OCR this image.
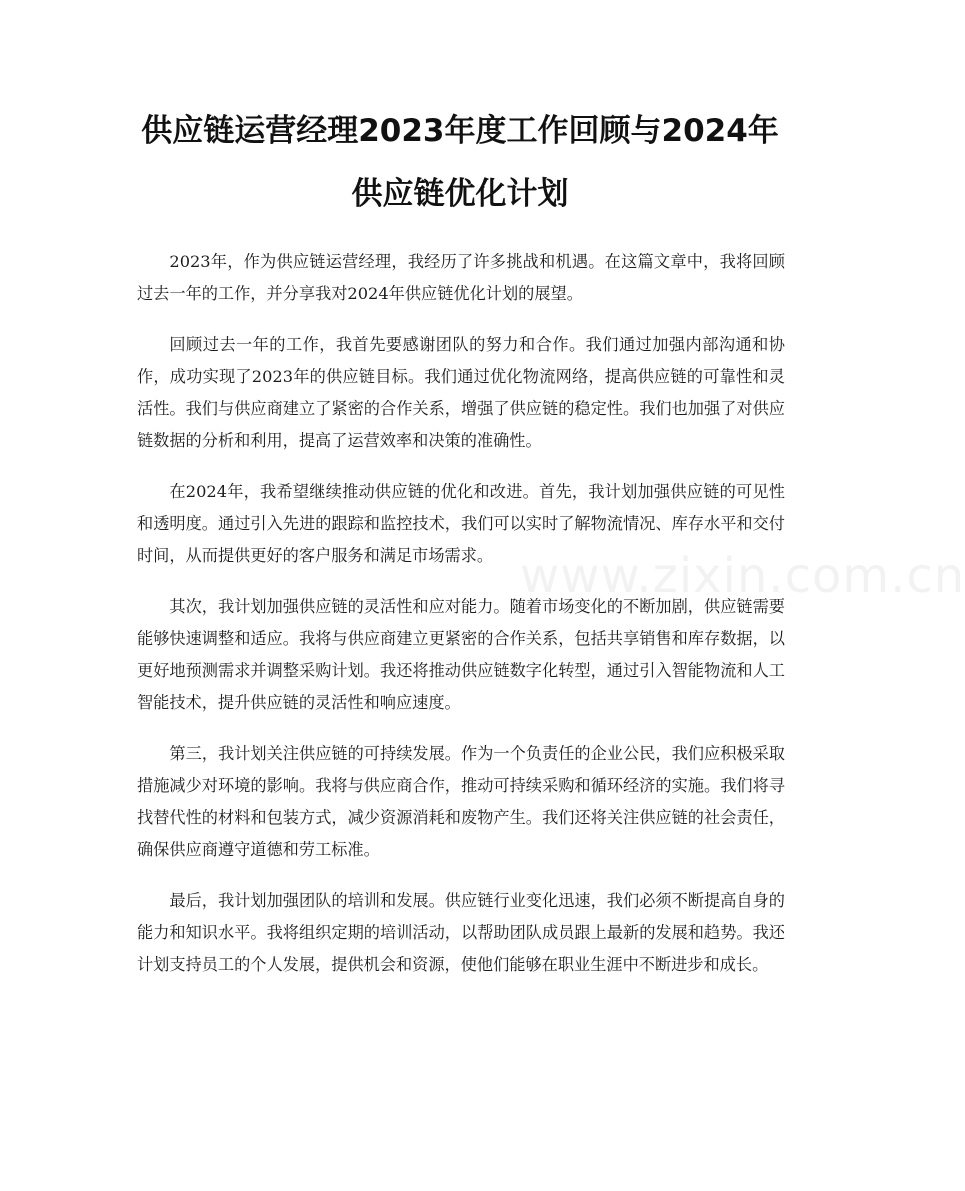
供应链运营经理2023年度工作回顾与2024年供应链优化计划

2023年，作为供应链运营经理，我经历了许多挑战和机遇。在这篇文章中，我将回顾过去一年的工作，并分享我对2024年供应链优化计划的展望。

回顾过去一年的工作，我首先要感谢团队的努力和合作。我们通过加强内部沟通和协作，成功实现了2023年的供应链目标。我们通过优化物流网络，提高供应链的可靠性和灵活性。我们与供应商建立了紧密的合作关系，增强了供应链的稳定性。我们也加强了对供应链数据的分析和利用，提高了运营效率和决策的准确性。

在2024年，我希望继续推动供应链的优化和改进。首先，我计划加强供应链的可见性和透明度。通过引入先进的跟踪和监控技术，我们可以实时了解物流情况、库存水平和交付时间，从而提供更好的客户服务和满足市场需求。

其次，我计划加强供应链的灵活性和应对能力。随着市场变化的不断加剧，供应链需要能够快速调整和适应。我将与供应商建立更紧密的合作关系，包括共享销售和库存数据，以更好地预测需求并调整采购计划。我还将推动供应链数字化转型，通过引入智能物流和人工智能技术，提升供应链的灵活性和响应速度。

第三，我计划关注供应链的可持续发展。作为一个负责任的企业公民，我们应积极采取措施减少对环境的影响。我将与供应商合作，推动可持续采购和循环经济的实施。我们将寻找替代性的材料和包装方式，减少资源消耗和废物产生。我们还将关注供应链的社会责任，确保供应商遵守道德和劳工标准。

最后，我计划加强团队的培训和发展。供应链行业变化迅速，我们必须不断提高自身的能力和知识水平。我将组织定期的培训活动，以帮助团队成员跟上最新的发展和趋势。我还计划支持员工的个人发展，提供机会和资源，使他们能够在职业生涯中不断进步和成长。

www.zixin.com.cn
